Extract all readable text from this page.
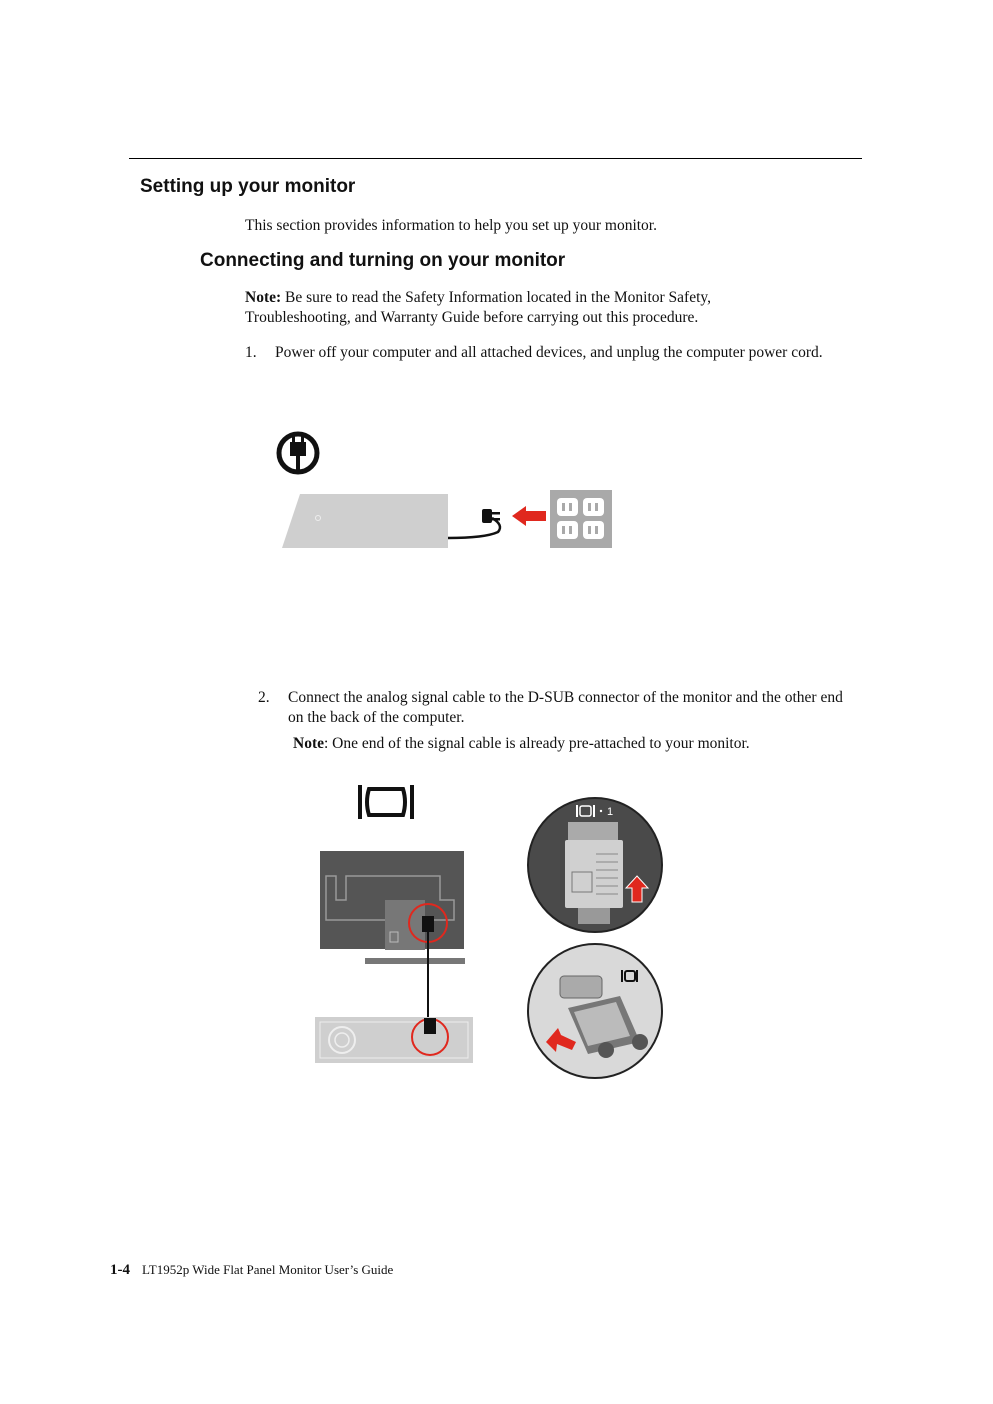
Setting up your monitor
This section provides information to help you set up your monitor.
Connecting and turning on your monitor
Note: Be sure to read the Safety Information located in the Monitor Safety, Troubleshooting, and Warranty Guide before carrying out this procedure.
1.	Power off your computer and all attached devices, and unplug the computer power cord.
2.	Connect the analog signal cable to the D-SUB connector of the monitor and the other end on the back of the computer.
Note: One end of the signal cable is already pre-attached to your monitor.
1
1-4 LT1952p Wide Flat Panel Monitor User’s Guide
